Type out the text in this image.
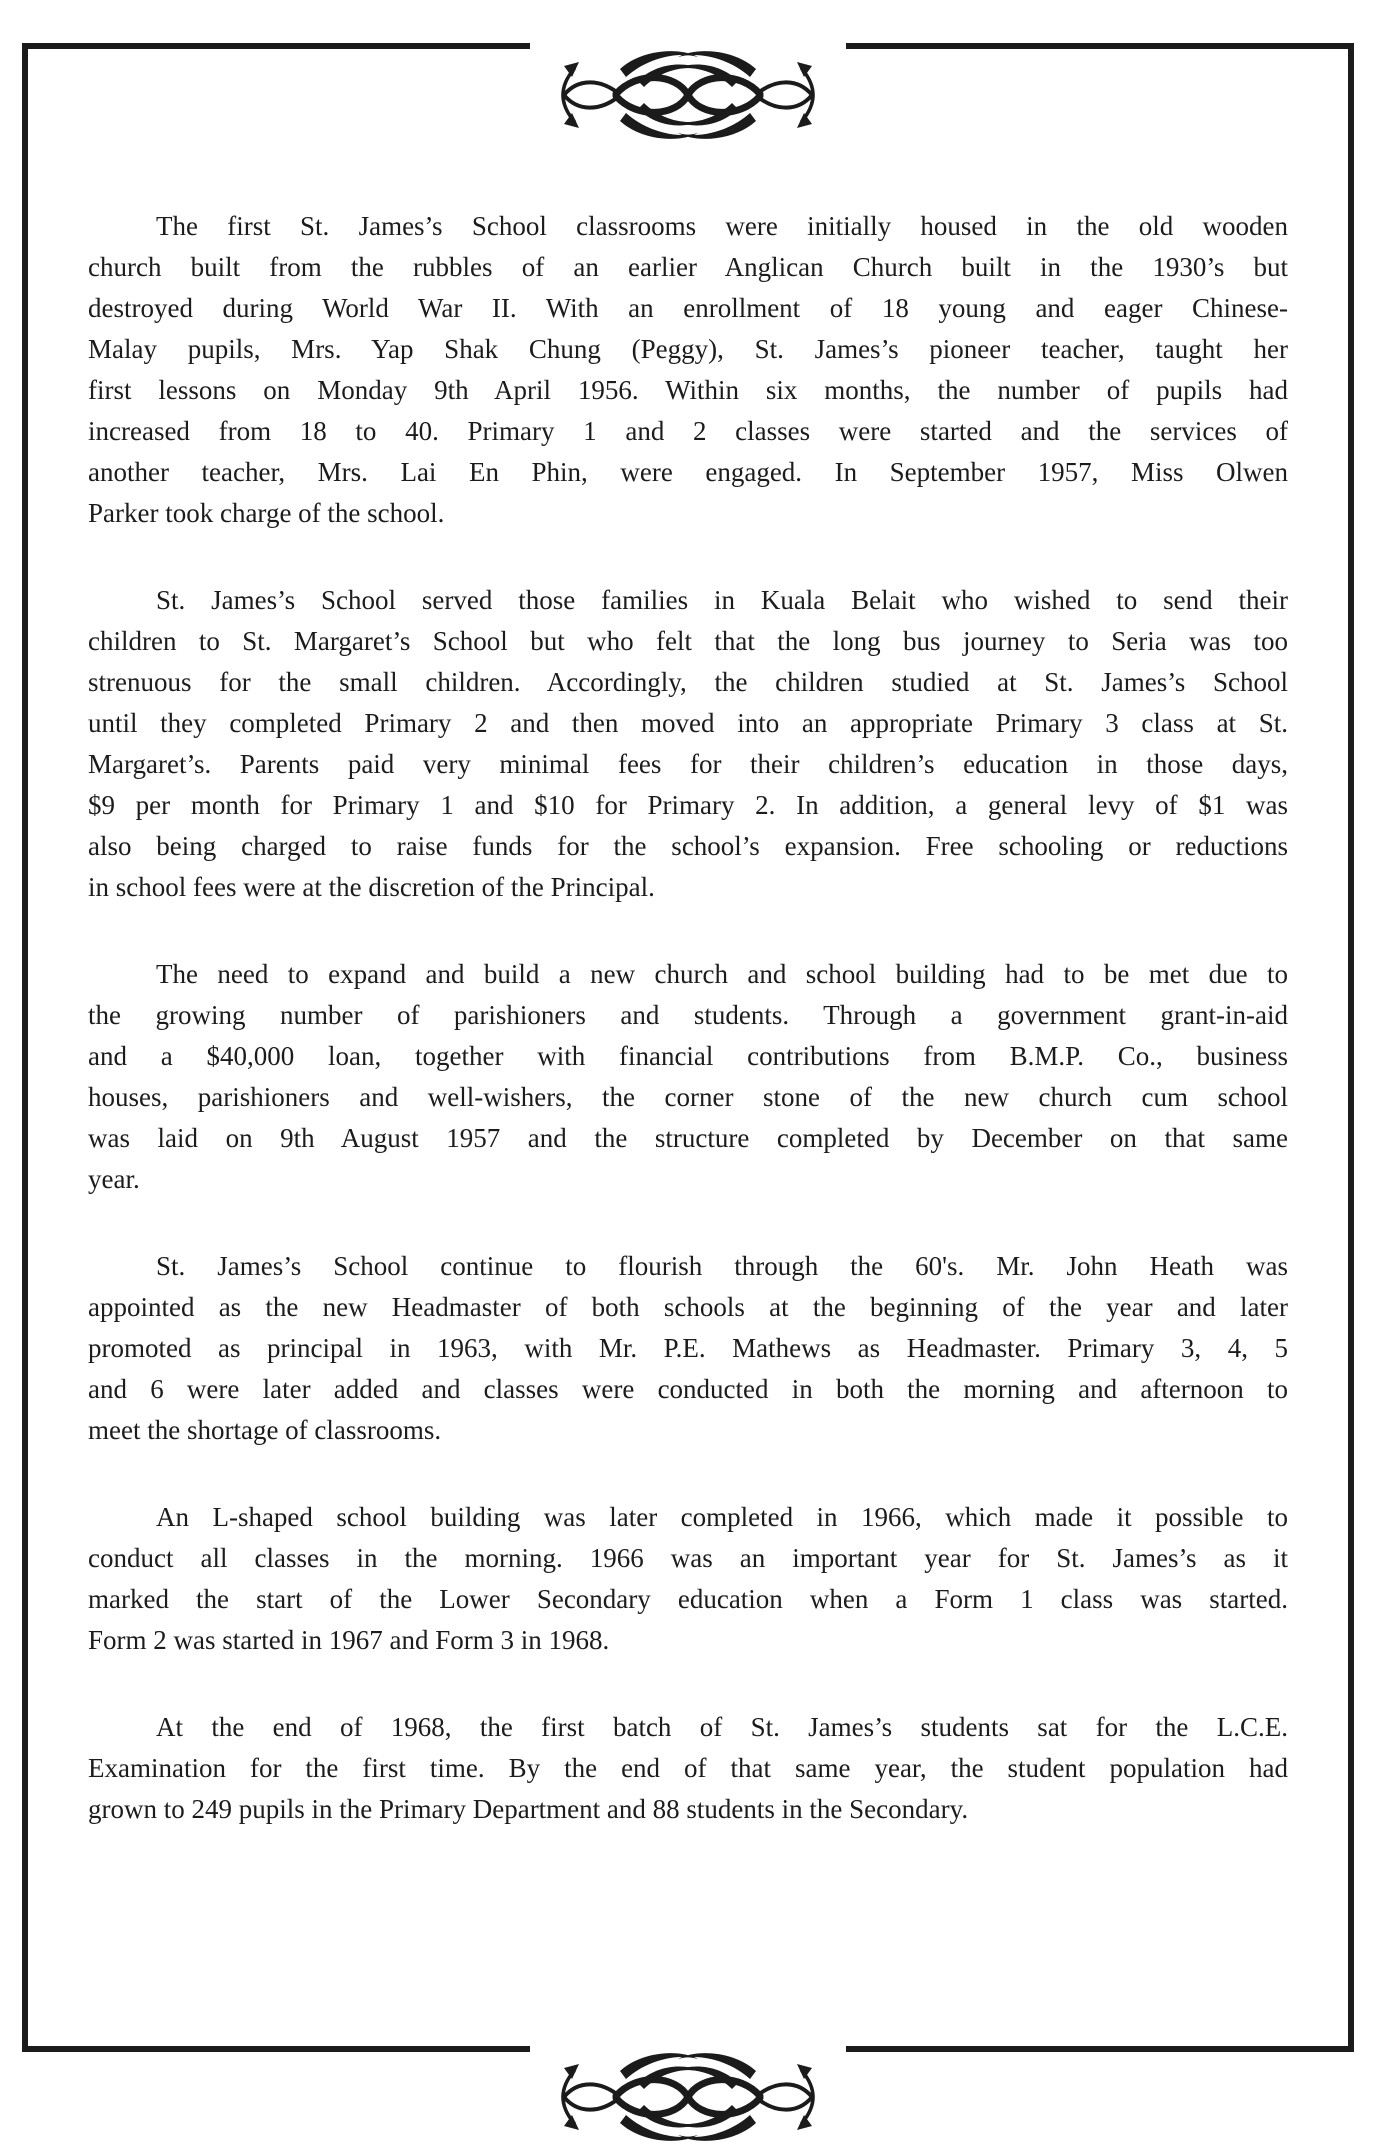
The first St. James’s School classrooms were initially housed in the old wooden
church built from the rubbles of an earlier Anglican Church built in the 1930’s but
destroyed during World War II. With an enrollment of 18 young and eager Chinese-
Malay pupils, Mrs. Yap Shak Chung (Peggy), St. James’s pioneer teacher, taught her
first lessons on Monday 9th April 1956. Within six months, the number of pupils had
increased from 18 to 40. Primary 1 and 2 classes were started and the services of
another teacher, Mrs. Lai En Phin, were engaged. In September 1957, Miss Olwen
Parker took charge of the school.
St. James’s School served those families in Kuala Belait who wished to send their
children to St. Margaret’s School but who felt that the long bus journey to Seria was too
strenuous for the small children. Accordingly, the children studied at St. James’s School
until they completed Primary 2 and then moved into an appropriate Primary 3 class at St.
Margaret’s. Parents paid very minimal fees for their children’s education in those days,
$9 per month for Primary 1 and $10 for Primary 2. In addition, a general levy of $1 was
also being charged to raise funds for the school’s expansion. Free schooling or reductions
in school fees were at the discretion of the Principal.
The need to expand and build a new church and school building had to be met due to
the growing number of parishioners and students. Through a government grant-in-aid
and a $40,000 loan, together with financial contributions from B.M.P. Co., business
houses, parishioners and well-wishers, the corner stone of the new church cum school
was laid on 9th August 1957 and the structure completed by December on that same
year.
St. James’s School continue to flourish through the 60's. Mr. John Heath was
appointed as the new Headmaster of both schools at the beginning of the year and later
promoted as principal in 1963, with Mr. P.E. Mathews as Headmaster. Primary 3, 4, 5
and 6 were later added and classes were conducted in both the morning and afternoon to
meet the shortage of classrooms.
An L-shaped school building was later completed in 1966, which made it possible to
conduct all classes in the morning. 1966 was an important year for St. James’s as it
marked the start of the Lower Secondary education when a Form 1 class was started.
Form 2 was started in 1967 and Form 3 in 1968.
At the end of 1968, the first batch of St. James’s students sat for the L.C.E.
Examination for the first time. By the end of that same year, the student population had
grown to 249 pupils in the Primary Department and 88 students in the Secondary.
